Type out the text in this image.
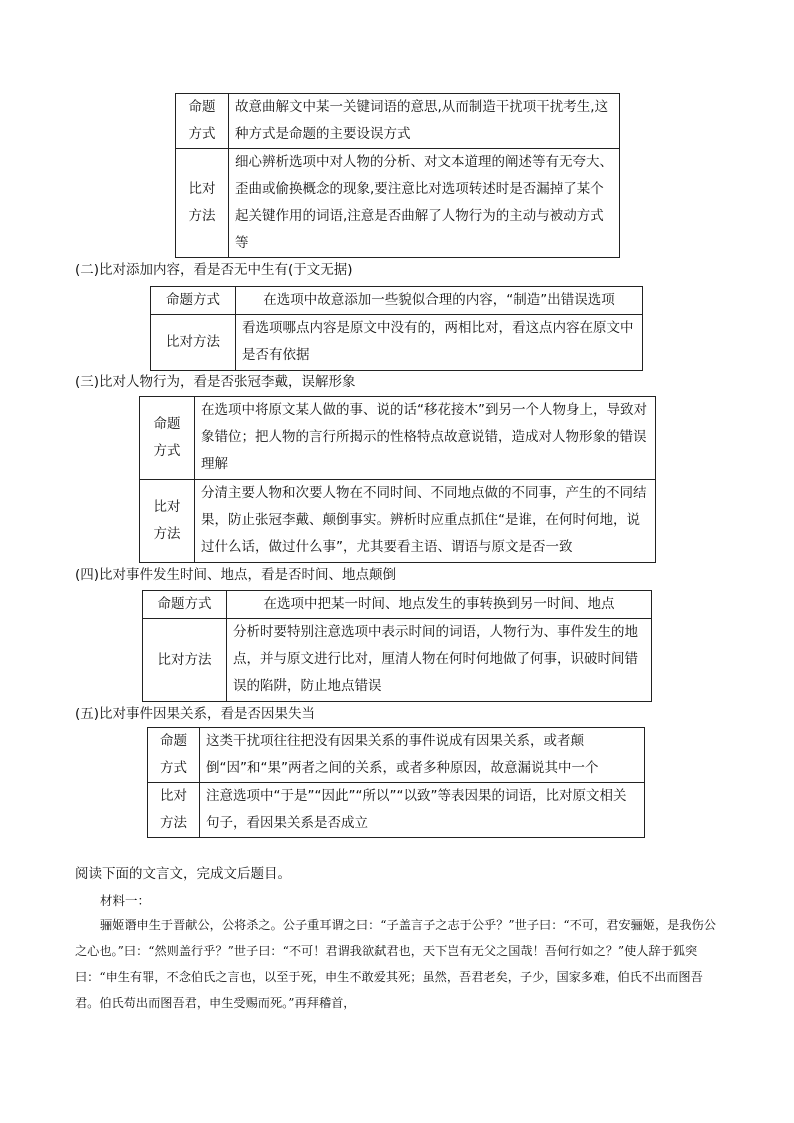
命题
方式	故意曲解文中某一关键词语的意思,从而制造干扰项干扰考生,这种方式是命题的主要设误方式

比对
方法	细心辨析选项中对人物的分析、对文本道理的阐述等有无夸大、歪曲或偷换概念的现象,要注意比对选项转述时是否漏掉了某个起关键作用的词语,注意是否曲解了人物行为的主动与被动方式等
(二)比对添加内容，看是否无中生有(于文无据)
命题方式	在选项中故意添加一些貌似合理的内容，“制造”出错误选项
比对方法	看选项哪点内容是原文中没有的，两相比对，看这点内容在原文中是否有依据
(三)比对人物行为，看是否张冠李戴，误解形象
命题
方式	在选项中将原文某人做的事、说的话“移花接木”到另一个人物身上，导致对象错位；把人物的言行所揭示的性格特点故意说错，造成对人物形象的错误理解

比对
方法	分清主要人物和次要人物在不同时间、不同地点做的不同事，产生的不同结果，防止张冠李戴、颠倒事实。辨析时应重点抓住“是谁，在何时何地，说过什么话，做过什么事”，尤其要看主语、谓语与原文是否一致
(四)比对事件发生时间、地点，看是否时间、地点颠倒
命题方式	在选项中把某一时间、地点发生的事转换到另一时间、地点
比对方法	分析时要特别注意选项中表示时间的词语，人物行为、事件发生的地点，并与原文进行比对，厘清人物在何时何地做了何事，识破时间错误的陷阱，防止地点错误
(五)比对事件因果关系，看是否因果失当
命题
方式	这类干扰项往往把没有因果关系的事件说成有因果关系，或者颠倒“因”和“果”两者之间的关系，或者多种原因，故意漏说其中一个

比对
方法	注意选项中“于是”“因此”“所以”“以致”等表因果的词语，比对原文相关句子，看因果关系是否成立
阅读下面的文言文，完成文后题目。
材料一：
骊姬谮申生于晋献公，公将杀之。公子重耳谓之曰：“子盖言子之志于公乎？”世子曰：“不可，君安骊姬，是我伤公之心也。”曰：“然则盖行乎？”世子曰：“不可！君谓我欲弑君也，天下岂有无父之国哉！吾何行如之？”使人辞于狐突曰：“申生有罪，不念伯氏之言也，以至于死，申生不敢爱其死；虽然，吾君老矣，子少，国家多难，伯氏不出而图吾君。伯氏苟出而图吾君，申生受赐而死。”再拜稽首，
